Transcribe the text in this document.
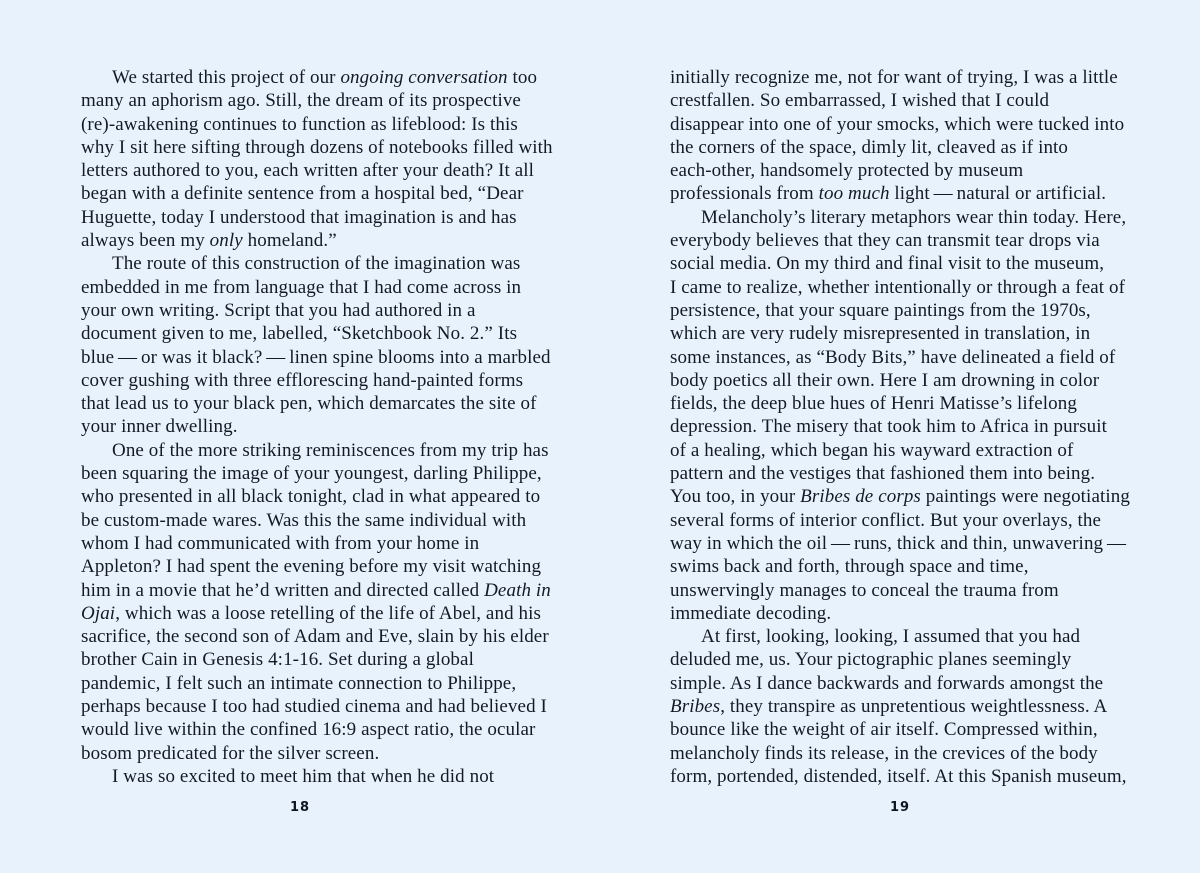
We started this project of our ongoing conversation too
many an aphorism ago. Still, the dream of its prospective
(re)-awakening continues to function as lifeblood: Is this
why I sit here sifting through dozens of notebooks filled with
letters authored to you, each written after your death? It all
began with a definite sentence from a hospital bed, “Dear
Huguette, today I understood that imagination is and has
always been my only homeland.”
The route of this construction of the imagination was
embedded in me from language that I had come across in
your own writing. Script that you had authored in a
document given to me, labelled, “Sketchbook No. 2.” Its
blue — or was it black? — linen spine blooms into a marbled
cover gushing with three efflorescing hand-painted forms
that lead us to your black pen, which demarcates the site of
your inner dwelling.
One of the more striking reminiscences from my trip has
been squaring the image of your youngest, darling Philippe,
who presented in all black tonight, clad in what appeared to
be custom-made wares. Was this the same individual with
whom I had communicated with from your home in
Appleton? I had spent the evening before my visit watching
him in a movie that he’d written and directed called Death in
Ojai, which was a loose retelling of the life of Abel, and his
sacrifice, the second son of Adam and Eve, slain by his elder
brother Cain in Genesis 4:1-16. Set during a global
pandemic, I felt such an intimate connection to Philippe,
perhaps because I too had studied cinema and had believed I
would live within the confined 16:9 aspect ratio, the ocular
bosom predicated for the silver screen.
I was so excited to meet him that when he did not
18
initially recognize me, not for want of trying, I was a little
crestfallen. So embarrassed, I wished that I could
disappear into one of your smocks, which were tucked into
the corners of the space, dimly lit, cleaved as if into
each-other, handsomely protected by museum
professionals from too much light — natural or artificial.
Melancholy’s literary metaphors wear thin today. Here,
everybody believes that they can transmit tear drops via
social media. On my third and final visit to the museum,
I came to realize, whether intentionally or through a feat of
persistence, that your square paintings from the 1970s,
which are very rudely misrepresented in translation, in
some instances, as “Body Bits,” have delineated a field of
body poetics all their own. Here I am drowning in color
fields, the deep blue hues of Henri Matisse’s lifelong
depression. The misery that took him to Africa in pursuit
of a healing, which began his wayward extraction of
pattern and the vestiges that fashioned them into being.
You too, in your Bribes de corps paintings were negotiating
several forms of interior conflict. But your overlays, the
way in which the oil — runs, thick and thin, unwavering —
swims back and forth, through space and time,
unswervingly manages to conceal the trauma from
immediate decoding.
At first, looking, looking, I assumed that you had
deluded me, us. Your pictographic planes seemingly
simple. As I dance backwards and forwards amongst the
Bribes, they transpire as unpretentious weightlessness. A
bounce like the weight of air itself. Compressed within,
melancholy finds its release, in the crevices of the body
form, portended, distended, itself. At this Spanish museum,
19
